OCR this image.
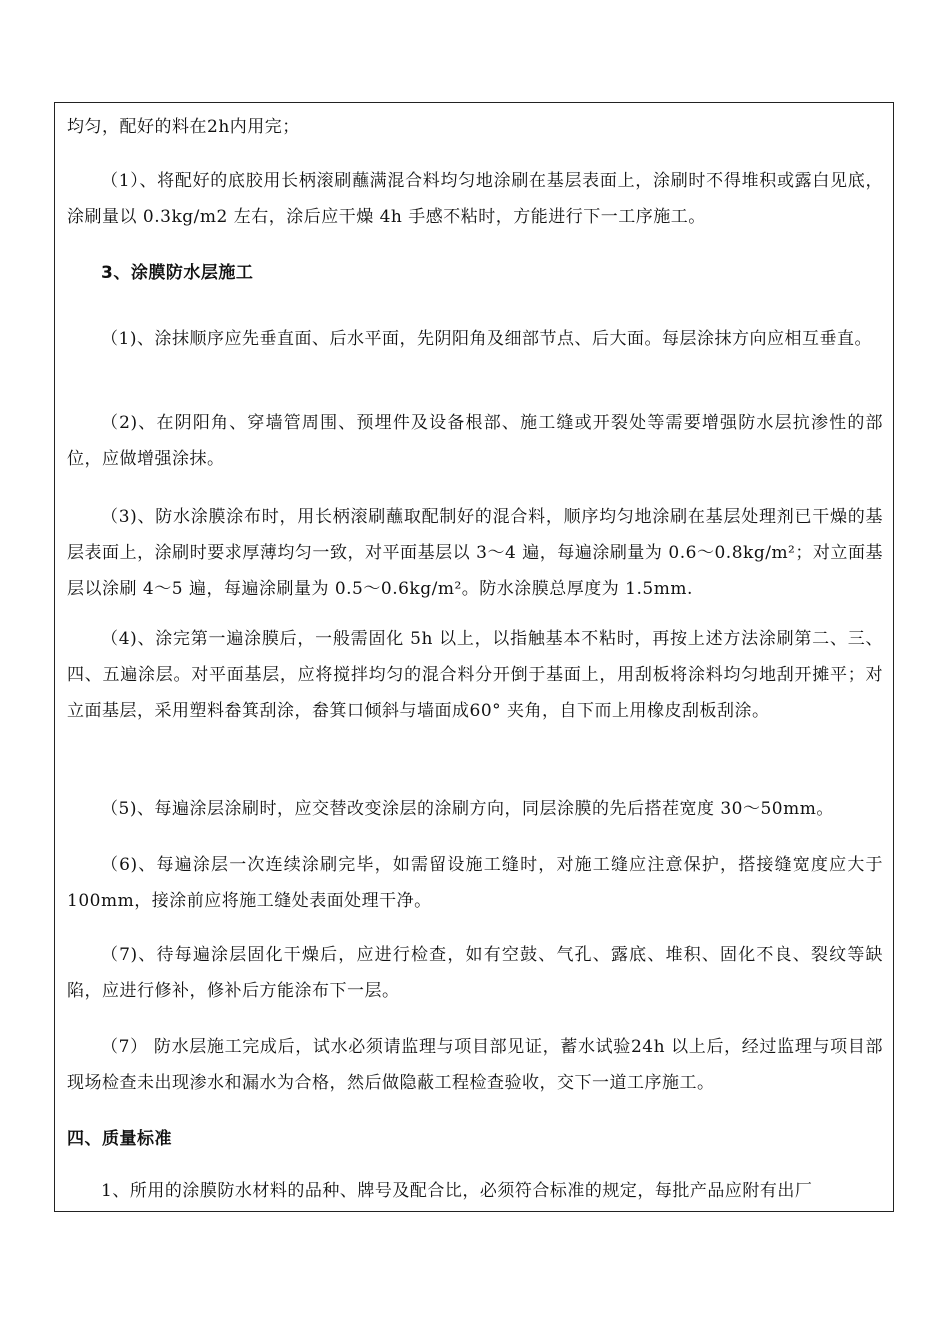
均匀，配好的料在2h内用完；

（1）、将配好的底胶用长柄滚刷蘸满混合料均匀地涂刷在基层表面上，涂刷时不得堆积或露白见底，涂刷量以 0.3kg/m2 左右，涂后应干燥 4h 手感不粘时，方能进行下一工序施工。

3、涂膜防水层施工

（1)、涂抹顺序应先垂直面、后水平面，先阴阳角及细部节点、后大面。每层涂抹方向应相互垂直。

（2)、在阴阳角、穿墙管周围、预埋件及设备根部、施工缝或开裂处等需要增强防水层抗渗性的部位，应做增强涂抹。

（3)、防水涂膜涂布时，用长柄滚刷蘸取配制好的混合料，顺序均匀地涂刷在基层处理剂已干燥的基层表面上，涂刷时要求厚薄均匀一致，对平面基层以 3～4 遍，每遍涂刷量为 0.6～0.8kg/m²；对立面基层以涂刷 4～5 遍，每遍涂刷量为 0.5～0.6kg/m²。防水涂膜总厚度为 1.5mm.

（4)、涂完第一遍涂膜后，一般需固化 5h 以上，以指触基本不粘时，再按上述方法涂刷第二、三、四、五遍涂层。对平面基层，应将搅拌均匀的混合料分开倒于基面上，用刮板将涂料均匀地刮开摊平；对立面基层，采用塑料畚箕刮涂，畚箕口倾斜与墙面成60° 夹角，自下而上用橡皮刮板刮涂。

（5)、每遍涂层涂刷时，应交替改变涂层的涂刷方向，同层涂膜的先后搭茬宽度 30～50mm。

（6)、每遍涂层一次连续涂刷完毕，如需留设施工缝时，对施工缝应注意保护，搭接缝宽度应大于 100mm，接涂前应将施工缝处表面处理干净。

（7)、待每遍涂层固化干燥后，应进行检查，如有空鼓、气孔、露底、堆积、固化不良、裂纹等缺陷，应进行修补，修补后方能涂布下一层。

（7） 防水层施工完成后，试水必须请监理与项目部见证，蓄水试验24h 以上后，经过监理与项目部现场检查未出现渗水和漏水为合格，然后做隐蔽工程检查验收，交下一道工序施工。

四、质量标准

1、所用的涂膜防水材料的品种、牌号及配合比，必须符合标准的规定，每批产品应附有出厂
